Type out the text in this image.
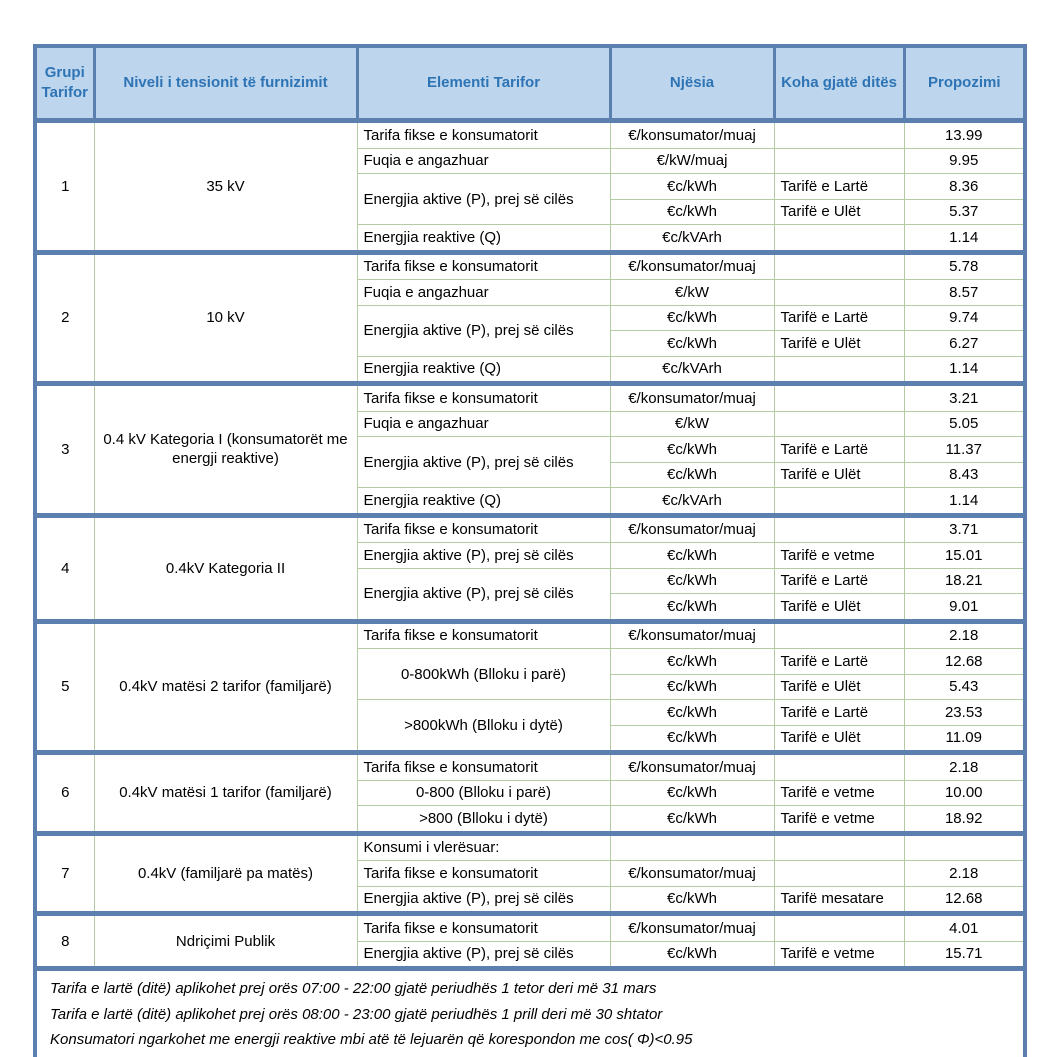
Grupi Tarifor	Niveli i tensionit të furnizimit	Elementi Tarifor	Njësia	Koha gjatë ditës	Propozimi
1	35 kV	Tarifa fikse e konsumatorit	€/konsumator/muaj		13.99
		Fuqia e angazhuar	€/kW/muaj		9.95
		Energjia aktive (P), prej së cilës	€c/kWh	Tarifë e Lartë	8.36
			€c/kWh	Tarifë e Ulët	5.37
		Energjia reaktive (Q)	€c/kVArh		1.14
2	10 kV	Tarifa fikse e konsumatorit	€/konsumator/muaj		5.78
		Fuqia e angazhuar	€/kW		8.57
		Energjia aktive (P), prej së cilës	€c/kWh	Tarifë e Lartë	9.74
			€c/kWh	Tarifë e Ulët	6.27
		Energjia reaktive (Q)	€c/kVArh		1.14
3	0.4 kV Kategoria I (konsumatorët me energji reaktive)	Tarifa fikse e konsumatorit	€/konsumator/muaj		3.21
		Fuqia e angazhuar	€/kW		5.05
		Energjia aktive (P), prej së cilës	€c/kWh	Tarifë e Lartë	11.37
			€c/kWh	Tarifë e Ulët	8.43
		Energjia reaktive (Q)	€c/kVArh		1.14
4	0.4kV Kategoria II	Tarifa fikse e konsumatorit	€/konsumator/muaj		3.71
		Energjia aktive (P), prej së cilës	€c/kWh	Tarifë e vetme	15.01
		Energjia aktive (P), prej së cilës	€c/kWh	Tarifë e Lartë	18.21
			€c/kWh	Tarifë e Ulët	9.01
5	0.4kV matësi 2 tarifor (familjarë)	Tarifa fikse e konsumatorit	€/konsumator/muaj		2.18
		0-800kWh (Blloku i parë)	€c/kWh	Tarifë e Lartë	12.68
			€c/kWh	Tarifë e Ulët	5.43
		>800kWh (Blloku i dytë)	€c/kWh	Tarifë e Lartë	23.53
			€c/kWh	Tarifë e Ulët	11.09
6	0.4kV matësi 1 tarifor (familjarë)	Tarifa fikse e konsumatorit	€/konsumator/muaj		2.18
		0-800 (Blloku i parë)	€c/kWh	Tarifë e vetme	10.00
		>800 (Blloku i dytë)	€c/kWh	Tarifë e vetme	18.92
7	0.4kV (familjarë pa matës)	Konsumi i vlerësuar:			
		Tarifa fikse e konsumatorit	€/konsumator/muaj		2.18
		Energjia aktive (P), prej së cilës	€c/kWh	Tarifë mesatare	12.68
8	Ndriçimi Publik	Tarifa fikse e konsumatorit	€/konsumator/muaj		4.01
		Energjia aktive (P), prej së cilës	€c/kWh	Tarifë e vetme	15.71

Tarifa e lartë (ditë) aplikohet prej orës 07:00 - 22:00 gjatë periudhës 1 tetor deri më 31 mars

Tarifa e lartë (ditë) aplikohet prej orës 08:00 - 23:00 gjatë periudhës 1 prill deri më 30 shtator

Konsumatori ngarkohet me energji reaktive mbi atë të lejuarën që korespondon me cos( Φ)<0.95					
